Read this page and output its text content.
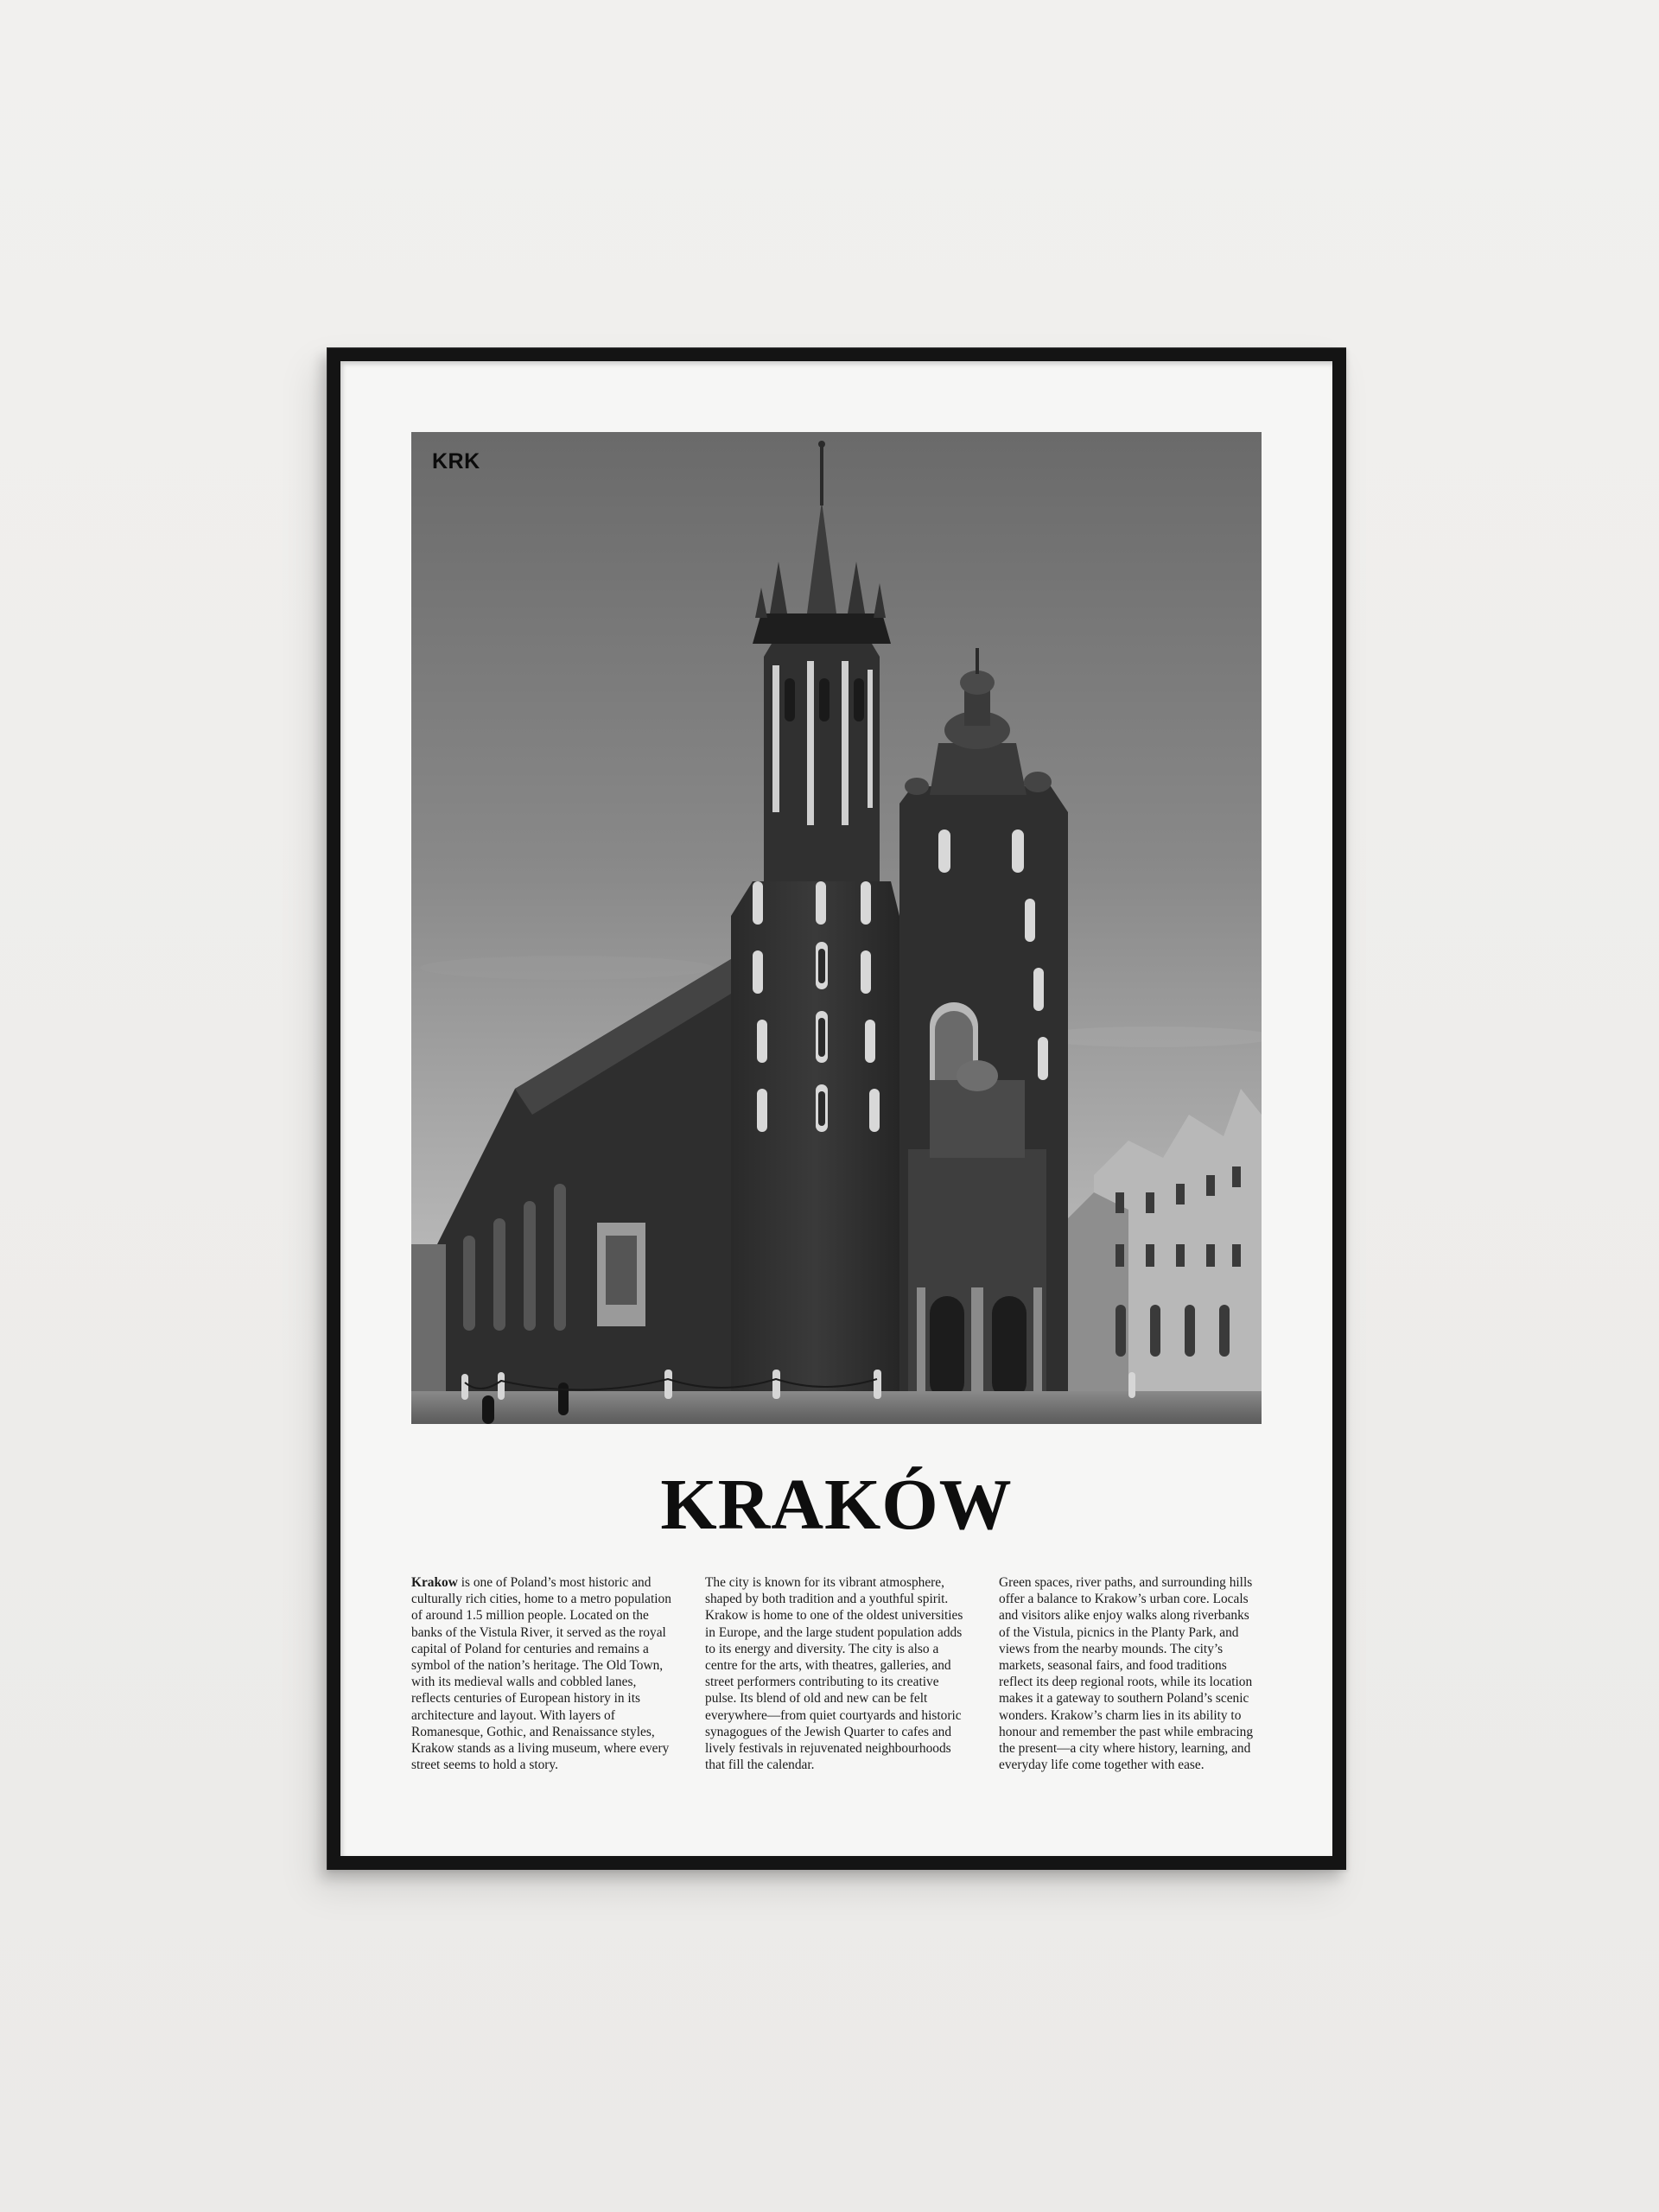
KRK
KRAKÓW

Krakow is one of Poland’s most historic and culturally rich cities, home to a metro population of around 1.5 million people. Located on the banks of the Vistula River, it served as the royal capital of Poland for centuries and remains a symbol of the nation’s heritage. The Old Town, with its medieval walls and cobbled lanes, reflects centuries of European history in its architecture and layout. With layers of Romanesque, Gothic, and Renaissance styles, Krakow stands as a living museum, where every street seems to hold a story.

The city is known for its vibrant atmosphere, shaped by both tradition and a youthful spirit. Krakow is home to one of the oldest universities in Europe, and the large student population adds to its energy and diversity. The city is also a centre for the arts, with theatres, galleries, and street performers contributing to its creative pulse. Its blend of old and new can be felt everywhere—from quiet courtyards and historic synagogues of the Jewish Quarter to cafes and lively festivals in rejuvenated neighbourhoods that fill the calendar.

Green spaces, river paths, and surrounding hills offer a balance to Krakow’s urban core. Locals and visitors alike enjoy walks along riverbanks of the Vistula, picnics in the Planty Park, and views from the nearby mounds. The city’s markets, seasonal fairs, and food traditions reflect its deep regional roots, while its location makes it a gateway to southern Poland’s scenic wonders. Krakow’s charm lies in its ability to honour and remember the past while embracing the present—a city where history, learning, and everyday life come together with ease.
